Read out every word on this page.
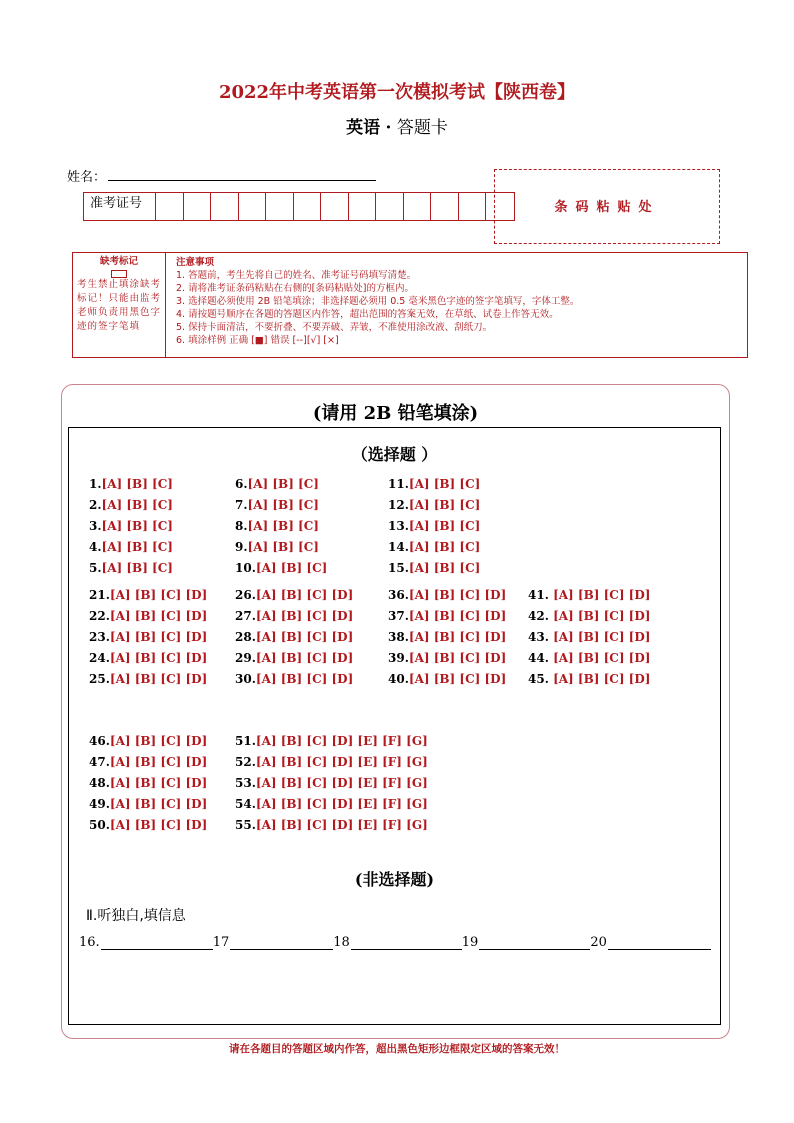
2022年中考英语第一次模拟考试【陕西卷】
英语 · 答题卡
姓名：
准考证号	条码粘贴处
缺考标记
考生禁止填涂缺考标记！只能由监考老师负责用黑色字迹的签字笔填
注意事项
1. 答题前，考生先将自己的姓名、准考证号码填写清楚。
2. 请将准考证条码粘贴在右侧的[条码粘贴处]的方框内。
3. 选择题必须使用 2B 铅笔填涂；非选择题必须用 0.5 毫米黑色字迹的签字笔填写，字体工整。
4. 请按题号顺序在各题的答题区内作答，超出范围的答案无效，在草纸、试卷上作答无效。
5. 保持卡面清洁，不要折叠、不要弄破、弄皱，不准使用涂改液、刮纸刀。
6. 填涂样例 正确 [■] 错误 [--][√] [×]
(请用 2B 铅笔填涂)
（选择题 ）
1.[A] [B] [C]
2.[A] [B] [C]
3.[A] [B] [C]
4.[A] [B] [C]
5.[A] [B] [C]
6.[A] [B] [C]
7.[A] [B] [C]
8.[A] [B] [C]
9.[A] [B] [C]
10.[A] [B] [C]
11.[A] [B] [C]
12.[A] [B] [C]
13.[A] [B] [C]
14.[A] [B] [C]
15.[A] [B] [C]
21.[A] [B] [C] [D]
22.[A] [B] [C] [D]
23.[A] [B] [C] [D]
24.[A] [B] [C] [D]
25.[A] [B] [C] [D]
26.[A] [B] [C] [D]
27.[A] [B] [C] [D]
28.[A] [B] [C] [D]
29.[A] [B] [C] [D]
30.[A] [B] [C] [D]
36.[A] [B] [C] [D]
37.[A] [B] [C] [D]
38.[A] [B] [C] [D]
39.[A] [B] [C] [D]
40.[A] [B] [C] [D]
41. [A] [B] [C] [D]
42. [A] [B] [C] [D]
43. [A] [B] [C] [D]
44. [A] [B] [C] [D]
45. [A] [B] [C] [D]
46.[A] [B] [C] [D]
47.[A] [B] [C] [D]
48.[A] [B] [C] [D]
49.[A] [B] [C] [D]
50.[A] [B] [C] [D]
51.[A] [B] [C] [D] [E] [F] [G]
52.[A] [B] [C] [D] [E] [F] [G]
53.[A] [B] [C] [D] [E] [F] [G]
54.[A] [B] [C] [D] [E] [F] [G]
55.[A] [B] [C] [D] [E] [F] [G]
(非选择题)
Ⅱ.听独白,填信息
16.	17	18	19	20
请在各题目的答题区域内作答，超出黑色矩形边框限定区域的答案无效！
